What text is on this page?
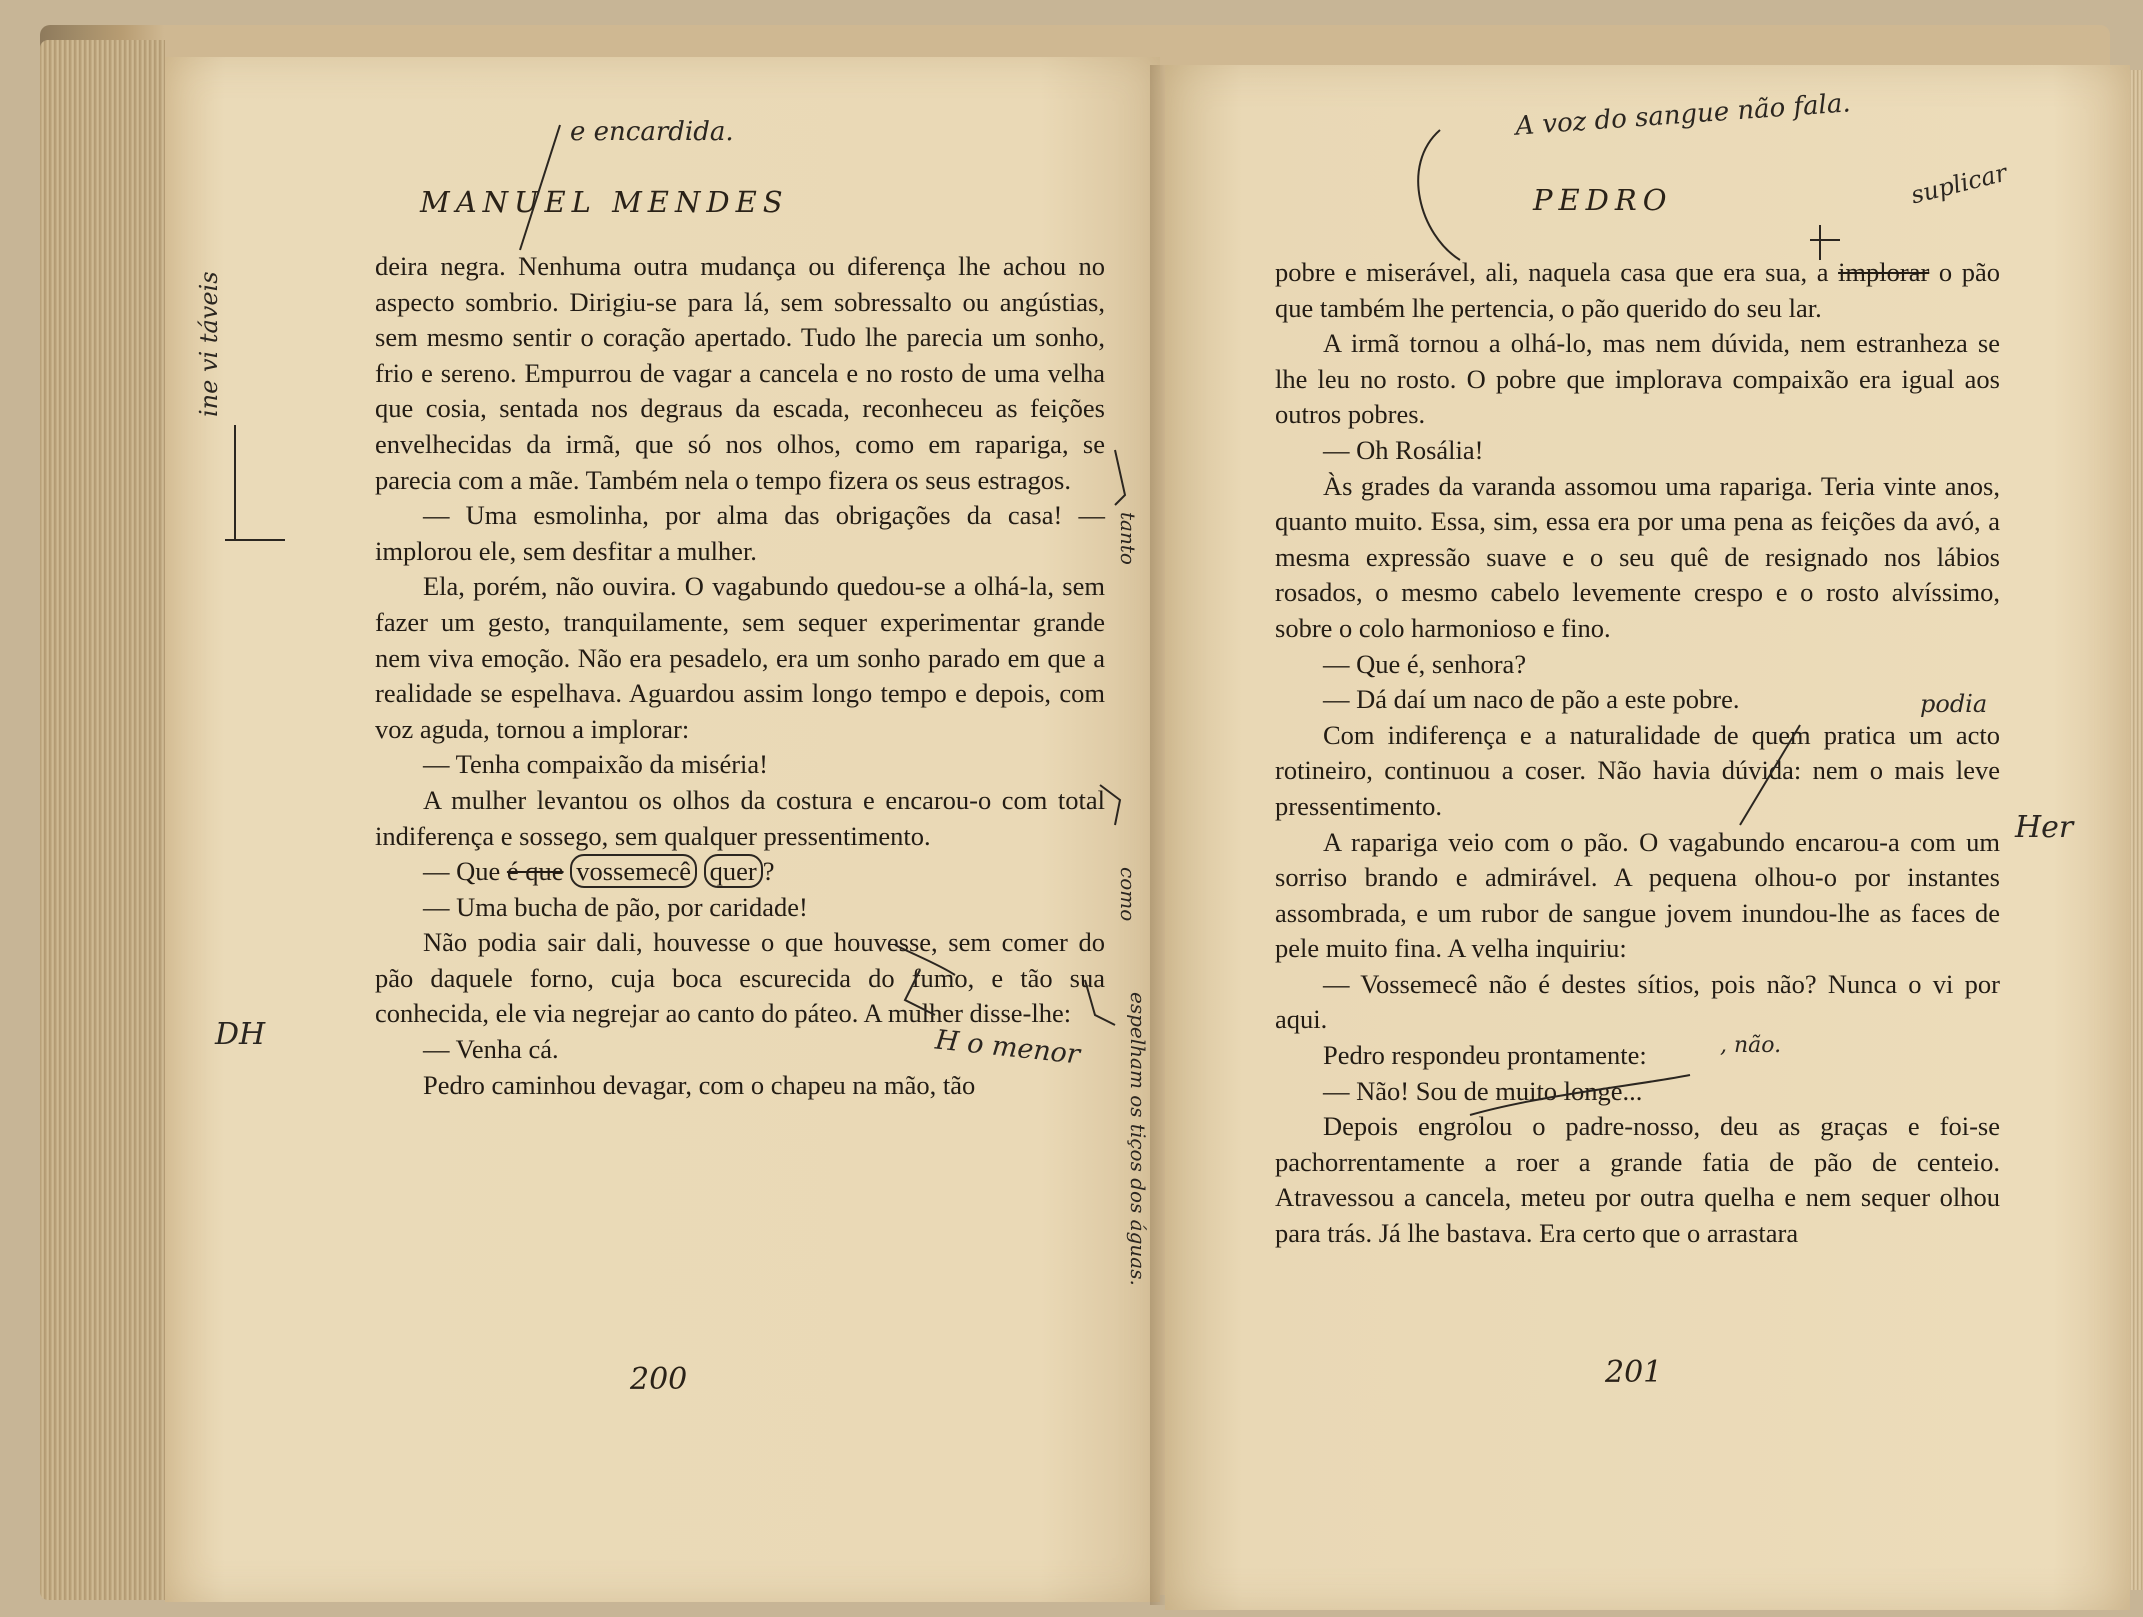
MANUEL MENDES

deira negra. Nenhuma outra mudança ou diferença lhe achou no aspecto sombrio. Dirigiu-se para lá, sem sobressalto ou angústias, sem mesmo sentir o coração apertado. Tudo lhe parecia um sonho, frio e sereno. Empurrou de vagar a cancela e no rosto de uma velha que cosia, sentada nos degraus da escada, reconheceu as feições envelhecidas da irmã, que só nos olhos, como em rapariga, se parecia com a mãe. Também nela o tempo fizera os seus estragos.

— Uma esmolinha, por alma das obrigações da casa! — implorou ele, sem desfitar a mulher.

Ela, porém, não ouvira. O vagabundo quedou-se a olhá-la, sem fazer um gesto, tranquilamente, sem sequer experimentar grande nem viva emoção. Não era pesadelo, era um sonho parado em que a realidade se espelhava. Aguardou assim longo tempo e depois, com voz aguda, tornou a implorar:

— Tenha compaixão da miséria!

A mulher levantou os olhos da costura e encarou-o com total indiferença e sossego, sem qualquer pressentimento.

— Que é que vossemecê quer ?

— Uma bucha de pão, por caridade!

Não podia sair dali, houvesse o que houvesse, sem comer do pão daquele forno, cuja boca escurecida do fumo, e tão sua conhecida, ele via negrejar ao canto do páteo. A mulher disse-lhe:

— Venha cá.

Pedro caminhou devagar, com o chapeu na mão, tão

200
e encardida.
ine vi táveis
DH	H o menor
tanto
como
espelham os tiços dos águas.
PEDRO

pobre e miserável, ali, naquela casa que era sua, a implorar o pão que também lhe pertencia, o pão querido do seu lar.

A irmã tornou a olhá-lo, mas nem dúvida, nem estranheza se lhe leu no rosto. O pobre que implorava compaixão era igual aos outros pobres.

— Oh Rosália!

Às grades da varanda assomou uma rapariga. Teria vinte anos, quanto muito. Essa, sim, essa era por uma pena as feições da avó, a mesma expressão suave e o seu quê de resignado nos lábios rosados, o mesmo cabelo levemente crespo e o rosto alvíssimo, sobre o colo harmonioso e fino.

— Que é, senhora?

— Dá daí um naco de pão a este pobre.

Com indiferença e a naturalidade de quem pratica um acto rotineiro, continuou a coser. Não havia dúvida: nem o mais leve pressentimento.

A rapariga veio com o pão. O vagabundo encarou-a com um sorriso brando e admirável. A pequena olhou-o por instantes assombrada, e um rubor de sangue jovem inundou-lhe as faces de pele muito fina. A velha inquiriu:

— Vossemecê não é destes sítios, pois não? Nunca o vi por aqui.

Pedro respondeu prontamente:

— Não! Sou de muito longe...

Depois engrolou o padre-nosso, deu as graças e foi-se pachorrentamente a roer a grande fatia de pão de centeio. Atravessou a cancela, meteu por outra quelha e nem sequer olhou para trás. Já lhe bastava. Era certo que o arrastara

201
A voz do sangue não fala.
suplicar
podia
Her
, não.
